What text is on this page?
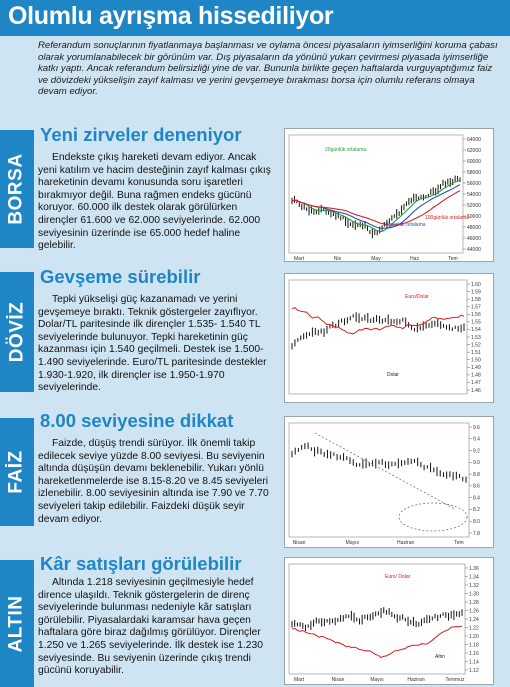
Olumlu ayrışma hissediliyor
Referandum sonuçlarının fiyatlanmaya başlanması ve oylama öncesi piyasaların iyimserliğini koruma çabası olarak yorumlanabilecek bir görünüm var. Dış piyasaların da yönünü yukarı çevirmesi piyasada iyimserliğe katkı yaptı. Ancak referandum belirsizliği yine de var. Bununla birlikte geçen haftalarda vurguyaptığımız faiz ve dövizdeki yükselişin zayıf kalması ve yerini gevşemeye bırakması borsa için olumlu referans olmaya devam ediyor.
BORSA
Yeni zirveler deneniyor

Endekste çıkış hareketi devam ediyor. Ancak yeni katılım ve hacim desteğinin zayıf kalması çıkış hareketinin devamı konusunda soru işaretleri bırakmıyor değil. Buna rağmen endeks gücünü koruyor. 60.000 ilk destek olarak görülürken dirençler 61.600 ve 62.000 seviyelerinde. 62.000 seviyesinin üzerinde ise 65.000 hedef haline gelebilir.

64000
62000
60000
58000
56000
54000
52000
50000
48000
46000
44000
Mart	Nis	May	Haz	Tem
20günlük ortalama
50 günlük ortalama
100günlük ortalama
DÖVİZ
Gevşeme sürebilir

Tepki yükselişi güç kazanamadı ve yerini gevşemeye bıraktı. Teknik göstergeler zayıflıyor. Dolar/TL paritesinde ilk dirençler 1.535- 1.540 TL seviyelerinde bulunuyor. Tepki hareketinin güç kazanması için 1.540 geçilmeli. Destek ise 1.500-1.490 seviyelerinde. Euro/TL paritesinde destekler 1.930-1.920, ilk dirençler ise 1.950-1.970 seviyelerinde.

1.60
1.59
1.58
1.57
1.56
1.55
1.54
1.53
1.52
1.51
1.50
1.49
1.48
1.47
1.46
Euro/Dolar
Dolar
FAİZ
8.00 seviyesine dikkat

Faizde, düşüş trendi sürüyor. İlk önemli takip edilecek seviye yüzde 8.00 seviyesi. Bu seviyenin altında düşüşün devamı beklenebilir. Yukarı yönlü hareketlenmelerde ise 8.15-8.20 ve 8.45 seviyeleri izlenebilir. 8.00 seviyesinin altında ise 7.90 ve 7.70 seviyeleri takip edilebilir. Faizdeki düşük seyir devam ediyor.

9.6
9.4
9.2
9.0
8.8
8.6
8.4
8.2
8.0
7.8
Nisan	Mayıs	Haziran	Tem
ALTIN
Kâr satışları görülebilir

Altında 1.218 seviyesinin geçilmesiyle hedef dirence ulaşıldı. Teknik göstergelerin de direnç seviyelerinde bulunması nedeniyle kâr satışları görülebilir. Piyasalardaki karamsar hava geçen haftalara göre biraz dağılmış görülüyor. Dirençler 1.250 ve 1.265 seviyelerinde. İlk destek ise 1.230 seviyesinde. Bu seviyenin üzerinde çıkış trendi gücünü koruyabilir.

1.36
1.34
1.32
1.30
1.28
1.26
1.24
1.22
1.20
1.18
1.16
1.14
1.12
Mart	Nisan	Mayıs	Haziran	Temmuz
Euro/ Dolar
Altın
